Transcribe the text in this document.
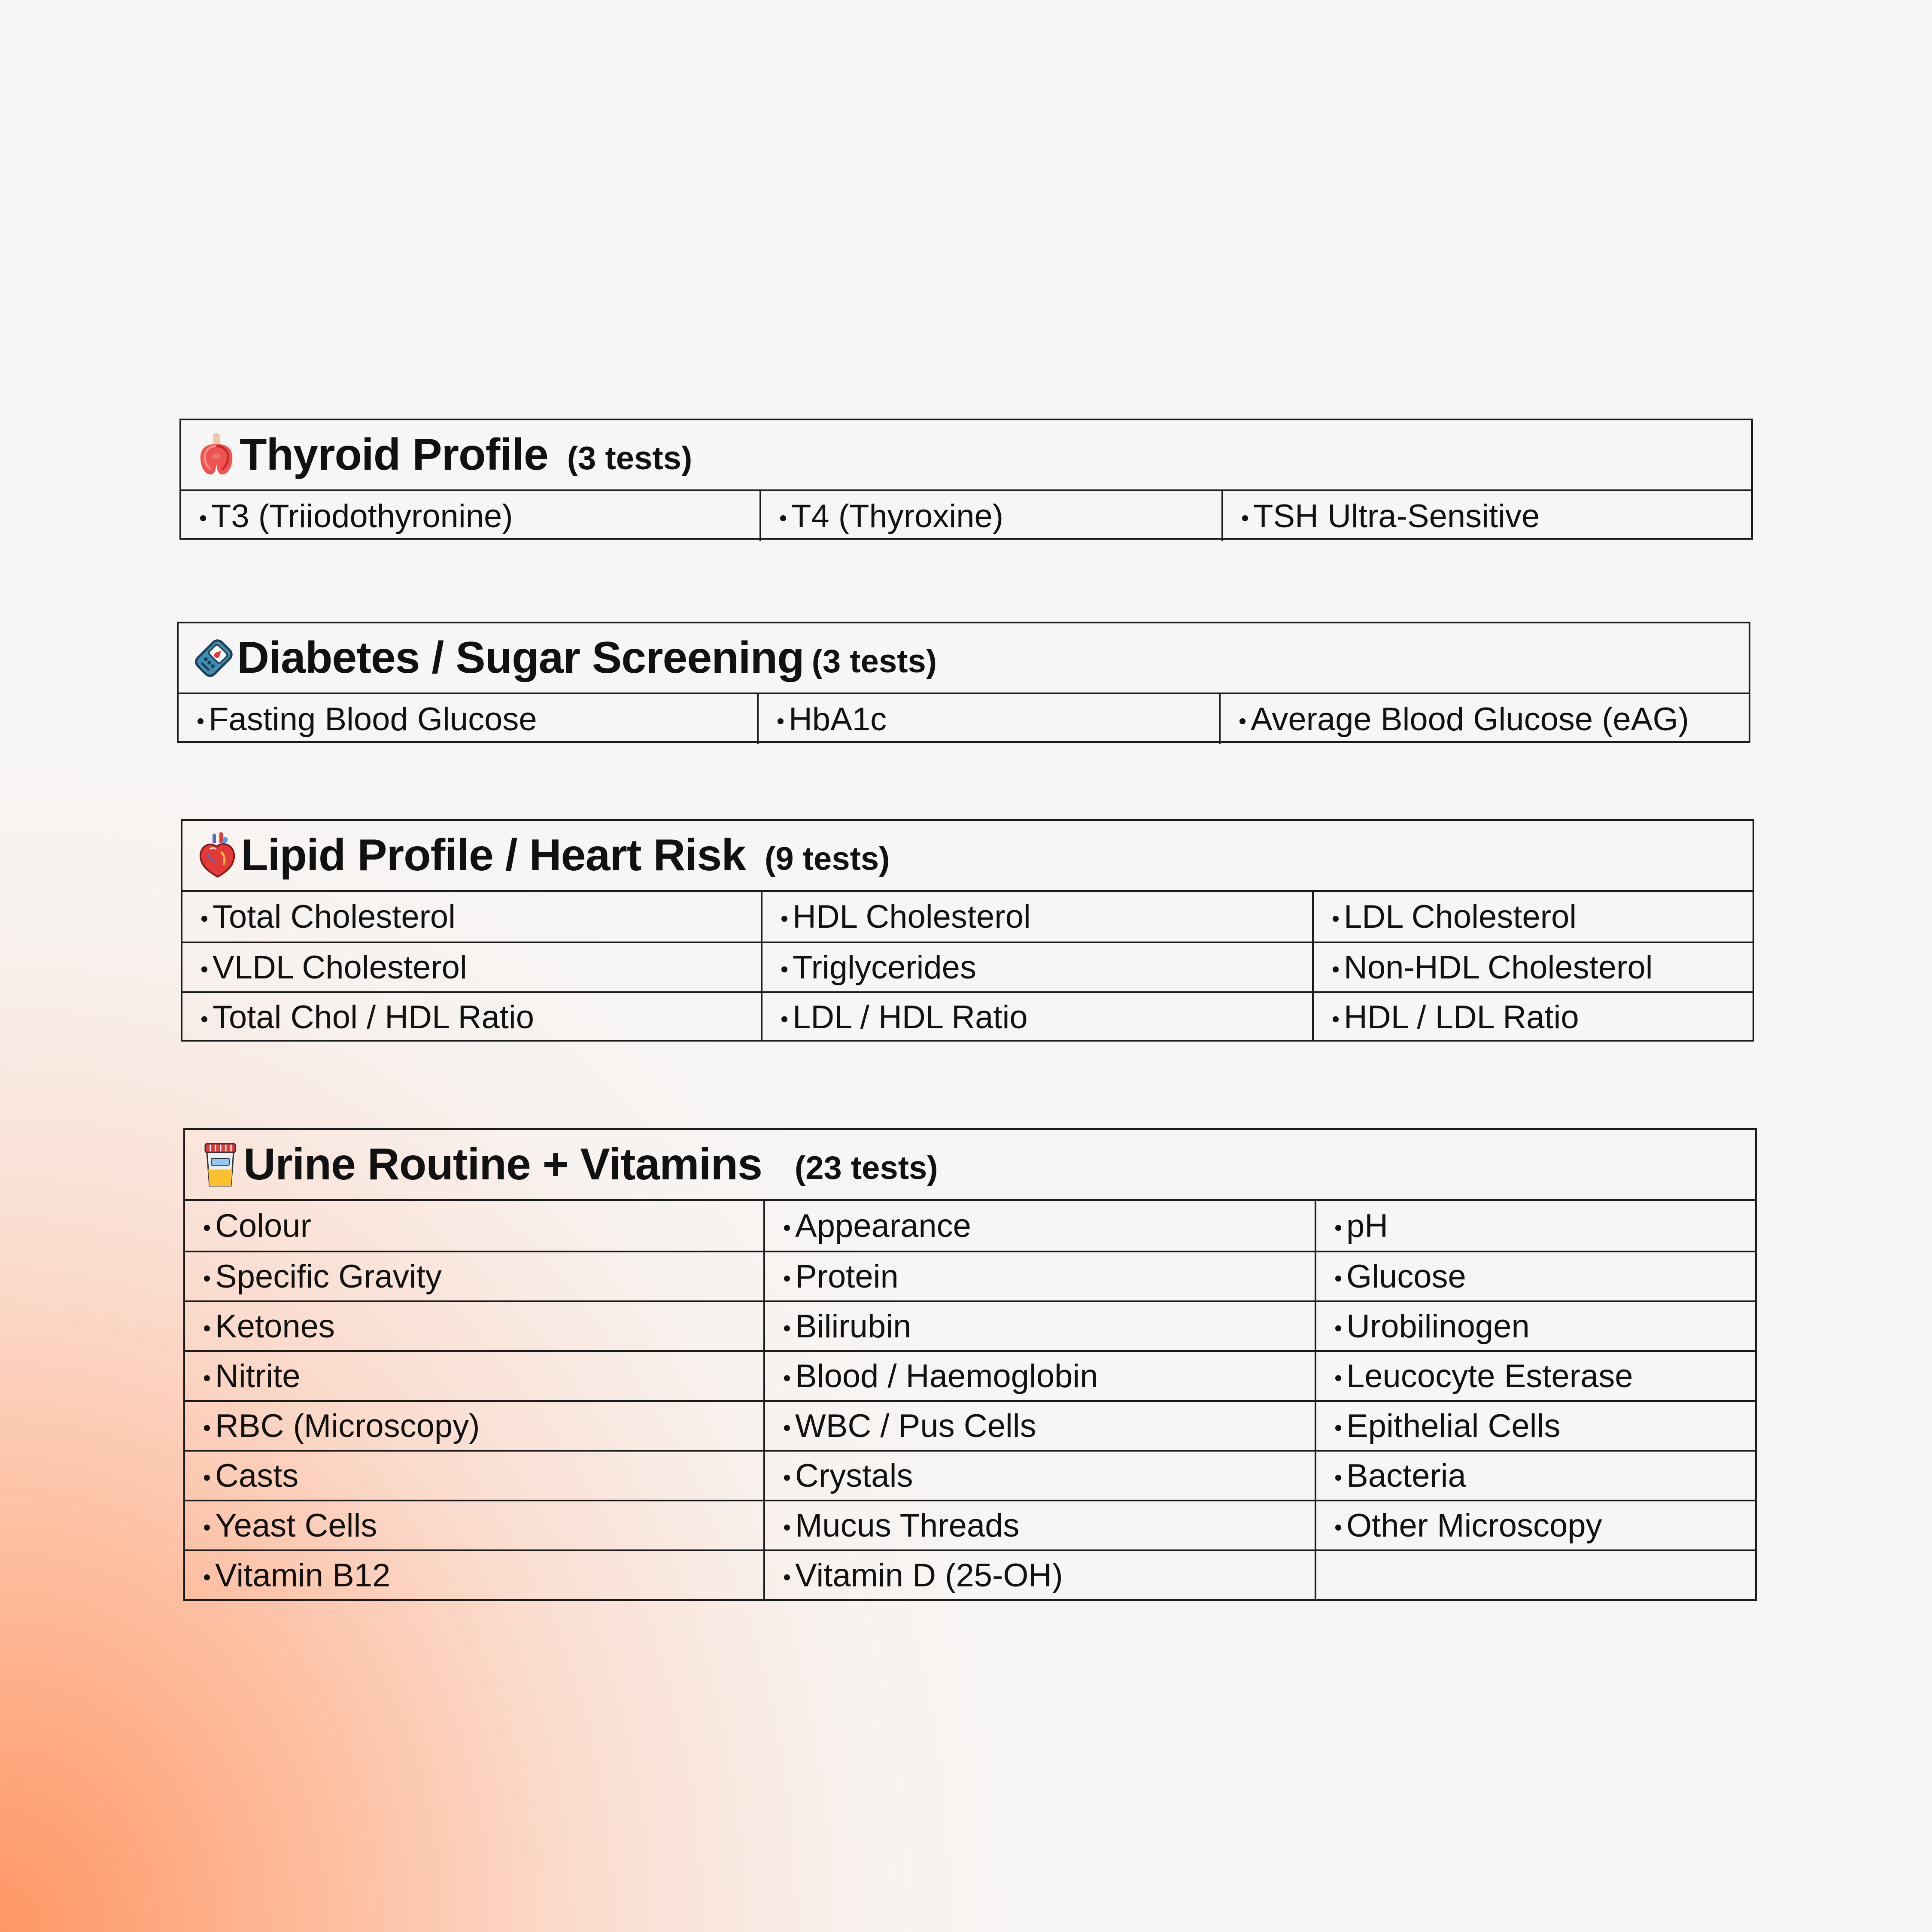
Thyroid Profile (3 tests)
T3 (Triiodothyronine)	T4 (Thyroxine)	TSH Ultra-Sensitive
Diabetes / Sugar Screening (3 tests)
Fasting Blood Glucose	HbA1c	Average Blood Glucose (eAG)
Lipid Profile / Heart Risk (9 tests)
Total Cholesterol	HDL Cholesterol	LDL Cholesterol
VLDL Cholesterol	Triglycerides	Non-HDL Cholesterol
Total Chol / HDL Ratio	LDL / HDL Ratio	HDL / LDL Ratio
Urine Routine + Vitamins (23 tests)
Colour	Appearance	pH
Specific Gravity	Protein	Glucose
Ketones	Bilirubin	Urobilinogen
Nitrite	Blood / Haemoglobin	Leucocyte Esterase
RBC (Microscopy)	WBC / Pus Cells	Epithelial Cells
Casts	Crystals	Bacteria
Yeast Cells	Mucus Threads	Other Microscopy
Vitamin B12	Vitamin D (25-OH)
